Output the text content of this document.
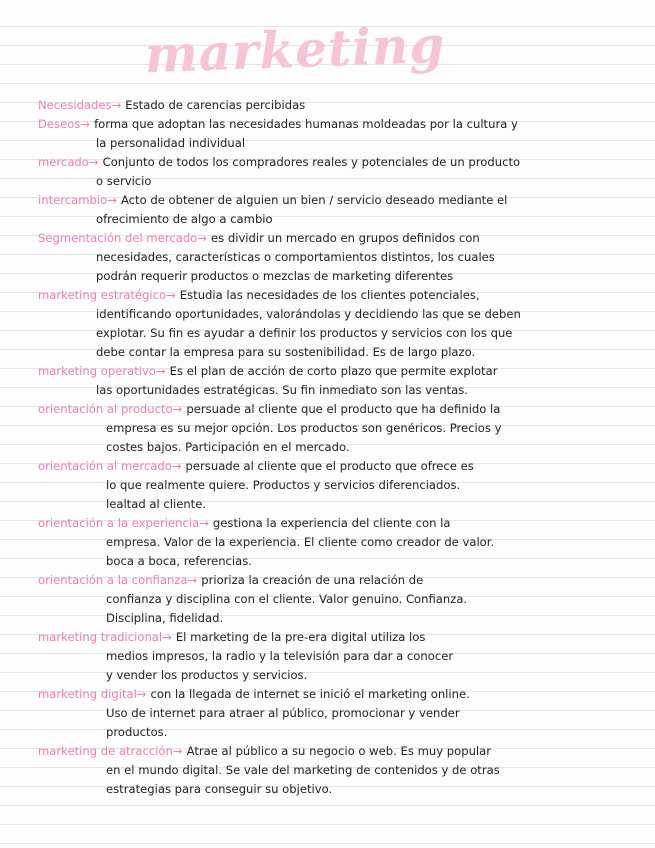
marketing
Necesidades→ Estado de carencias percibidas
Deseos→ forma que adoptan las necesidades humanas moldeadas por la cultura y
la personalidad individual
mercado→ Conjunto de todos los compradores reales y potenciales de un producto
o servicio
intercambio→ Acto de obtener de alguien un bien / servicio deseado mediante el
ofrecimiento de algo a cambio
Segmentación del mercado→ es dividir un mercado en grupos definidos con
necesidades, características o comportamientos distintos, los cuales
podrán requerir productos o mezclas de marketing diferentes
marketing estratégico→ Estudia las necesidades de los clientes potenciales,
identificando oportunidades, valorándolas y decidiendo las que se deben
explotar. Su fin es ayudar a definir los productos y servicios con los que
debe contar la empresa para su sostenibilidad. Es de largo plazo.
marketing operativo→ Es el plan de acción de corto plazo que permite explotar
las oportunidades estratégicas. Su fin inmediato son las ventas.
orientación al producto→ persuade al cliente que el producto que ha definido la
empresa es su mejor opción. Los productos son genéricos. Precios y
costes bajos. Participación en el mercado.
orientación al mercado→ persuade al cliente que el producto que ofrece es
lo que realmente quiere. Productos y servicios diferenciados.
lealtad al cliente.
orientación a la experiencia→ gestiona la experiencia del cliente con la
empresa. Valor de la experiencia. El cliente como creador de valor.
boca a boca, referencias.
orientación a la confianza→ prioriza la creación de una relación de
confianza y disciplina con el cliente. Valor genuino. Confianza.
Disciplina, fidelidad.
marketing tradicional→ El marketing de la pre-era digital utiliza los
medios impresos, la radio y la televisión para dar a conocer
y vender los productos y servicios.
marketing digital→ con la llegada de internet se inició el marketing online.
Uso de internet para atraer al público, promocionar y vender
productos.
marketing de atracción→ Atrae al público a su negocio o web. Es muy popular
en el mundo digital. Se vale del marketing de contenidos y de otras
estrategias para conseguir su objetivo.
